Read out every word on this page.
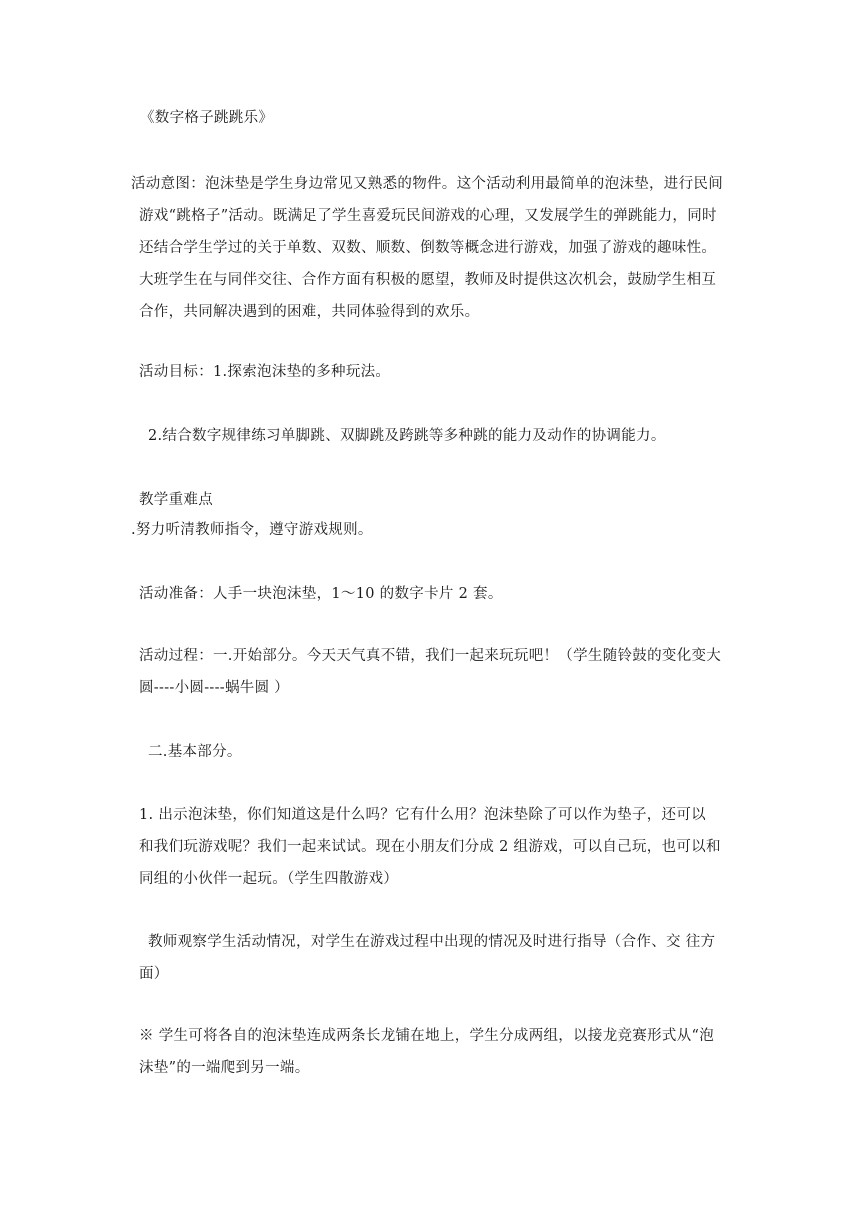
《数字格子跳跳乐》
活动意图：泡沫垫是学生身边常见又熟悉的物件。这个活动利用最简单的泡沫垫，进行民间
游戏“跳格子”活动。既满足了学生喜爱玩民间游戏的心理，又发展学生的弹跳能力，同时
还结合学生学过的关于单数、双数、顺数、倒数等概念进行游戏，加强了游戏的趣味性。
大班学生在与同伴交往、合作方面有积极的愿望，教师及时提供这次机会，鼓励学生相互
合作，共同解决遇到的困难，共同体验得到的欢乐。
活动目标：1.探索泡沫垫的多种玩法。
2.结合数字规律练习单脚跳、双脚跳及跨跳等多种跳的能力及动作的协调能力。
教学重难点
.努力听清教师指令，遵守游戏规则。
活动准备：人手一块泡沫垫，1～10 的数字卡片 2 套。
活动过程：一.开始部分。今天天气真不错，我们一起来玩玩吧！（学生随铃鼓的变化变大
圆----小圆----蜗牛圆 ）
二.基本部分。
1. 出示泡沫垫，你们知道这是什么吗？它有什么用？泡沫垫除了可以作为垫子，还可以
和我们玩游戏呢？我们一起来试试。现在小朋友们分成 2 组游戏，可以自己玩，也可以和
同组的小伙伴一起玩。（学生四散游戏）
教师观察学生活动情况，对学生在游戏过程中出现的情况及时进行指导（合作、交 往方
面）
※ 学生可将各自的泡沫垫连成两条长龙铺在地上，学生分成两组，以接龙竞赛形式从“泡
沫垫”的一端爬到另一端。
